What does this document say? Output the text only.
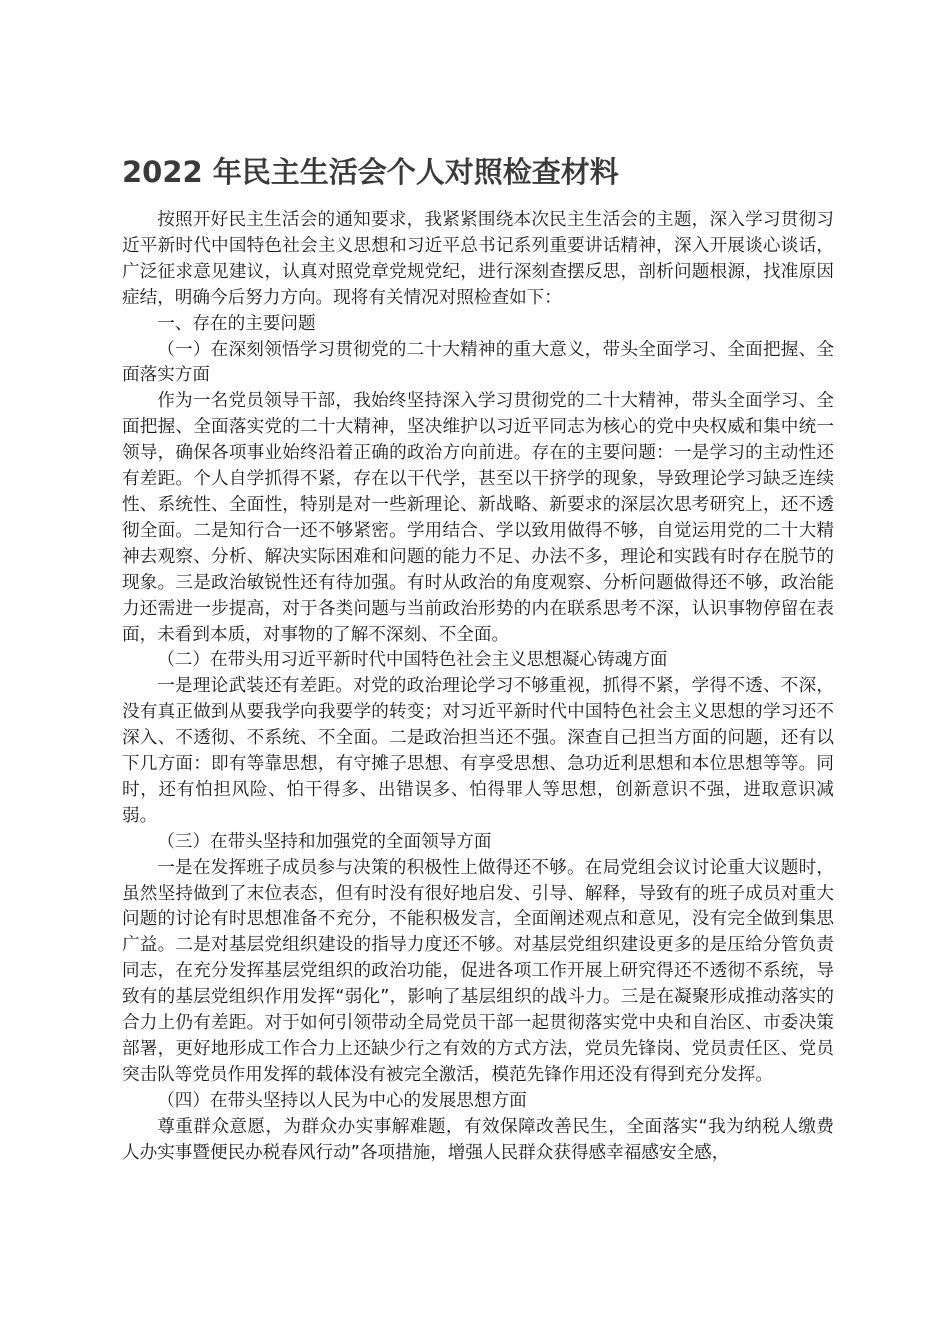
2022 年民主生活会个人对照检查材料

按照开好民主生活会的通知要求，我紧紧围绕本次民主生活会的主题，深入学习贯彻习近平新时代中国特色社会主义思想和习近平总书记系列重要讲话精神，深入开展谈心谈话，广泛征求意见建议，认真对照党章党规党纪，进行深刻查摆反思，剖析问题根源，找准原因症结，明确今后努力方向。现将有关情况对照检查如下：

一、存在的主要问题

（一）在深刻领悟学习贯彻党的二十大精神的重大意义，带头全面学习、全面把握、全面落实方面

作为一名党员领导干部，我始终坚持深入学习贯彻党的二十大精神，带头全面学习、全面把握、全面落实党的二十大精神，坚决维护以习近平同志为核心的党中央权威和集中统一领导，确保各项事业始终沿着正确的政治方向前进。存在的主要问题：一是学习的主动性还有差距。个人自学抓得不紧，存在以干代学，甚至以干挤学的现象，导致理论学习缺乏连续性、系统性、全面性，特别是对一些新理论、新战略、新要求的深层次思考研究上，还不透彻全面。二是知行合一还不够紧密。学用结合、学以致用做得不够，自觉运用党的二十大精神去观察、分析、解决实际困难和问题的能力不足、办法不多，理论和实践有时存在脱节的现象。三是政治敏锐性还有待加强。有时从政治的角度观察、分析问题做得还不够，政治能力还需进一步提高，对于各类问题与当前政治形势的内在联系思考不深，认识事物停留在表面，未看到本质，对事物的了解不深刻、不全面。

（二）在带头用习近平新时代中国特色社会主义思想凝心铸魂方面

一是理论武装还有差距。对党的政治理论学习不够重视，抓得不紧，学得不透、不深，没有真正做到从要我学向我要学的转变；对习近平新时代中国特色社会主义思想的学习还不深入、不透彻、不系统、不全面。二是政治担当还不强。深查自己担当方面的问题，还有以下几方面：即有等靠思想，有守摊子思想、有享受思想、急功近利思想和本位思想等等。同时，还有怕担风险、怕干得多、出错误多、怕得罪人等思想，创新意识不强，进取意识减弱。

（三）在带头坚持和加强党的全面领导方面

一是在发挥班子成员参与决策的积极性上做得还不够。在局党组会议讨论重大议题时，虽然坚持做到了末位表态，但有时没有很好地启发、引导、解释，导致有的班子成员对重大问题的讨论有时思想准备不充分，不能积极发言，全面阐述观点和意见，没有完全做到集思广益。二是对基层党组织建设的指导力度还不够。对基层党组织建设更多的是压给分管负责同志，在充分发挥基层党组织的政治功能，促进各项工作开展上研究得还不透彻不系统，导致有的基层党组织作用发挥“弱化”，影响了基层组织的战斗力。三是在凝聚形成推动落实的合力上仍有差距。对于如何引领带动全局党员干部一起贯彻落实党中央和自治区、市委决策部署，更好地形成工作合力上还缺少行之有效的方式方法，党员先锋岗、党员责任区、党员突击队等党员作用发挥的载体没有被完全激活，模范先锋作用还没有得到充分发挥。

（四）在带头坚持以人民为中心的发展思想方面

尊重群众意愿，为群众办实事解难题，有效保障改善民生，全面落实“我为纳税人缴费人办实事暨便民办税春风行动”各项措施，增强人民群众获得感幸福感安全感，
